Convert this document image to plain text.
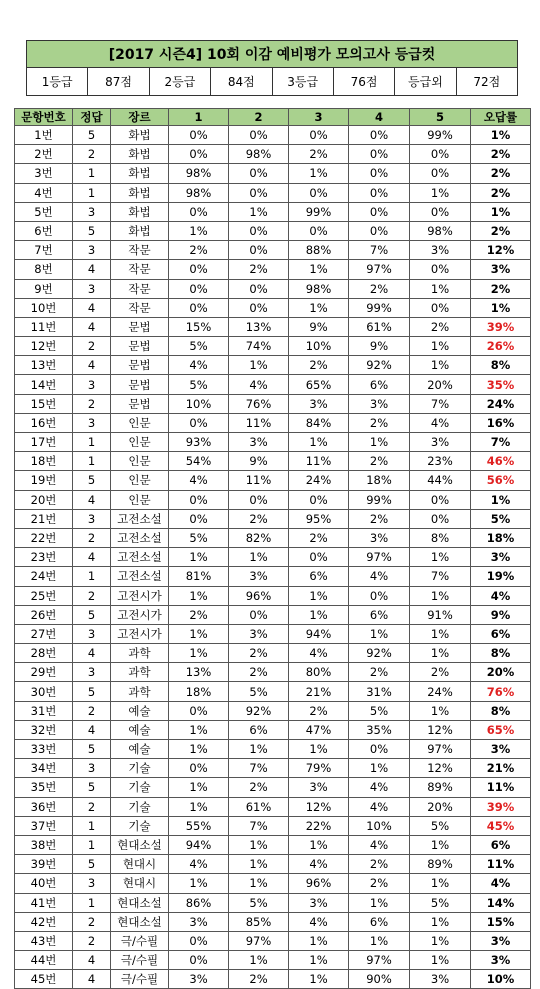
[2017 시즌4] 10회 이감 예비평가 모의고사 등급컷
1등급	87점	2등급	84점	3등급	76점	등급외	72점
문항번호	정답	장르	1	2	3	4	5	오답률
1번	5	화법	0%	0%	0%	0%	99%	1%
2번	2	화법	0%	98%	2%	0%	0%	2%
3번	1	화법	98%	0%	1%	0%	0%	2%
4번	1	화법	98%	0%	0%	0%	1%	2%
5번	3	화법	0%	1%	99%	0%	0%	1%
6번	5	화법	1%	0%	0%	0%	98%	2%
7번	3	작문	2%	0%	88%	7%	3%	12%
8번	4	작문	0%	2%	1%	97%	0%	3%
9번	3	작문	0%	0%	98%	2%	1%	2%
10번	4	작문	0%	0%	1%	99%	0%	1%
11번	4	문법	15%	13%	9%	61%	2%	39%
12번	2	문법	5%	74%	10%	9%	1%	26%
13번	4	문법	4%	1%	2%	92%	1%	8%
14번	3	문법	5%	4%	65%	6%	20%	35%
15번	2	문법	10%	76%	3%	3%	7%	24%
16번	3	인문	0%	11%	84%	2%	4%	16%
17번	1	인문	93%	3%	1%	1%	3%	7%
18번	1	인문	54%	9%	11%	2%	23%	46%
19번	5	인문	4%	11%	24%	18%	44%	56%
20번	4	인문	0%	0%	0%	99%	0%	1%
21번	3	고전소설	0%	2%	95%	2%	0%	5%
22번	2	고전소설	5%	82%	2%	3%	8%	18%
23번	4	고전소설	1%	1%	0%	97%	1%	3%
24번	1	고전소설	81%	3%	6%	4%	7%	19%
25번	2	고전시가	1%	96%	1%	0%	1%	4%
26번	5	고전시가	2%	0%	1%	6%	91%	9%
27번	3	고전시가	1%	3%	94%	1%	1%	6%
28번	4	과학	1%	2%	4%	92%	1%	8%
29번	3	과학	13%	2%	80%	2%	2%	20%
30번	5	과학	18%	5%	21%	31%	24%	76%
31번	2	예술	0%	92%	2%	5%	1%	8%
32번	4	예술	1%	6%	47%	35%	12%	65%
33번	5	예술	1%	1%	1%	0%	97%	3%
34번	3	기술	0%	7%	79%	1%	12%	21%
35번	5	기술	1%	2%	3%	4%	89%	11%
36번	2	기술	1%	61%	12%	4%	20%	39%
37번	1	기술	55%	7%	22%	10%	5%	45%
38번	1	현대소설	94%	1%	1%	4%	1%	6%
39번	5	현대시	4%	1%	4%	2%	89%	11%
40번	3	현대시	1%	1%	96%	2%	1%	4%
41번	1	현대소설	86%	5%	3%	1%	5%	14%
42번	2	현대소설	3%	85%	4%	6%	1%	15%
43번	2	극/수필	0%	97%	1%	1%	1%	3%
44번	4	극/수필	0%	1%	1%	97%	1%	3%
45번	4	극/수필	3%	2%	1%	90%	3%	10%
